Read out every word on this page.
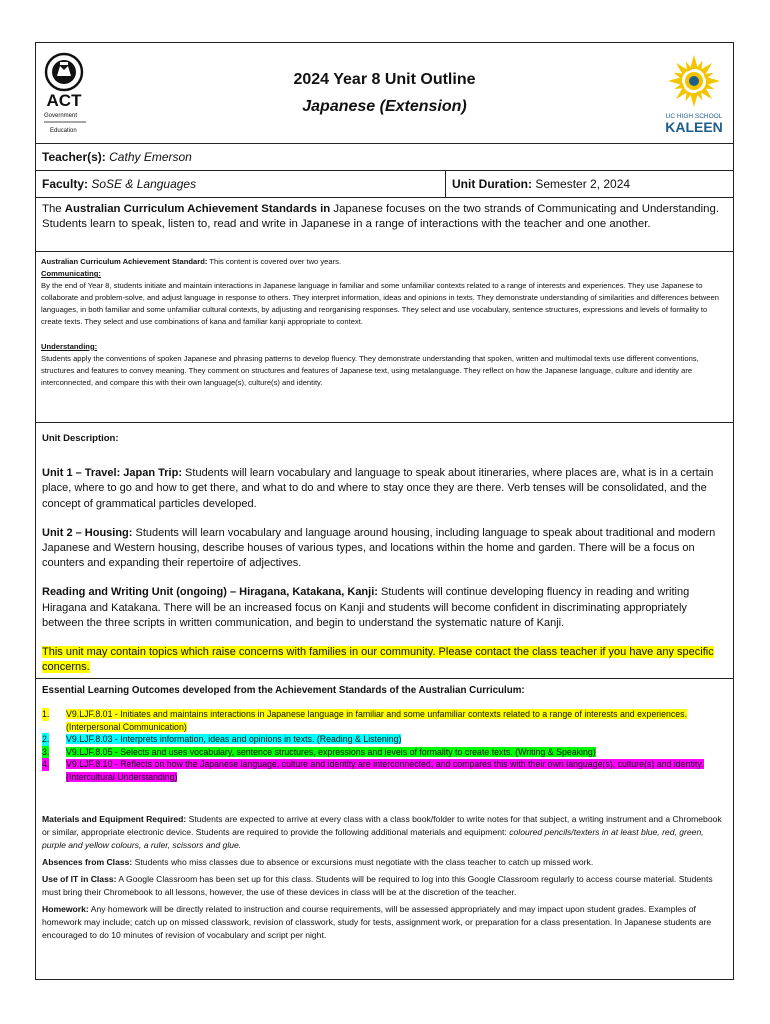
ACT
Government
Education
2024 Year 8 Unit Outline
Japanese (Extension)
UC HIGH SCHOOL
KALEEN
Teacher(s): Cathy Emerson
Faculty: SoSE & Languages	Unit Duration: Semester 2, 2024

The Australian Curriculum Achievement Standards in Japanese focuses on the two strands of Communicating and Understanding. Students learn to speak, listen to, read and write in Japanese in a range of interactions with the teacher and one another.

Australian Curriculum Achievement Standard: This content is covered over two years.

Communicating:

By the end of Year 8, students initiate and maintain interactions in Japanese language in familiar and some unfamiliar contexts related to a range of interests and experiences. They use Japanese to collaborate and problem-solve, and adjust language in response to others. They interpret information, ideas and opinions in texts. They demonstrate understanding of similarities and differences between languages, in both familiar and some unfamiliar cultural contexts, by adjusting and reorganising responses. They select and use vocabulary, sentence structures, expressions and levels of formality to create texts. They select and use combinations of kana and familiar kanji appropriate to context.

Understanding:

Students apply the conventions of spoken Japanese and phrasing patterns to develop fluency. They demonstrate understanding that spoken, written and multimodal texts use different conventions, structures and features to convey meaning. They comment on structures and features of Japanese text, using metalanguage. They reflect on how the Japanese language, culture and identity are interconnected, and compare this with their own language(s), culture(s) and identity.

Unit Description:

Unit 1 – Travel: Japan Trip: Students will learn vocabulary and language to speak about itineraries, where places are, what is in a certain place, where to go and how to get there, and what to do and where to stay once they are there. Verb tenses will be consolidated, and the concept of grammatical particles developed.

Unit 2 – Housing: Students will learn vocabulary and language around housing, including language to speak about traditional and modern Japanese and Western housing, describe houses of various types, and locations within the home and garden. There will be a focus on counters and expanding their repertoire of adjectives.

Reading and Writing Unit (ongoing) – Hiragana, Katakana, Kanji: Students will continue developing fluency in reading and writing Hiragana and Katakana. There will be an increased focus on Kanji and students will become confident in discriminating appropriately between the three scripts in written communication, and begin to understand the systematic nature of Kanji.

This unit may contain topics which raise concerns with families in our community. Please contact the class teacher if you have any specific concerns.

Essential Learning Outcomes developed from the Achievement Standards of the Australian Curriculum:

1. V9.LJF.8.01 - Initiates and maintains interactions in Japanese language in familiar and some unfamiliar contexts related to a range of interests and experiences. (Interpersonal Communication)
2. V9.LJF.8.03 - Interprets information, ideas and opinions in texts. (Reading & Listening)
3. V9.LJF.8.05 - Selects and uses vocabulary, sentence structures, expressions and levels of formality to create texts. (Writing & Speaking)
4. V9.LJF.8.10 - Reflects on how the Japanese language, culture and identity are interconnected, and compares this with their own language(s), culture(s) and identity. (Intercultural Understanding)

Materials and Equipment Required: Students are expected to arrive at every class with a class book/folder to write notes for that subject, a writing instrument and a Chromebook or similar, appropriate electronic device. Students are required to provide the following additional materials and equipment: coloured pencils/texters in at least blue, red, green, purple and yellow colours, a ruler, scissors and glue.

Absences from Class: Students who miss classes due to absence or excursions must negotiate with the class teacher to catch up missed work.

Use of IT in Class: A Google Classroom has been set up for this class. Students will be required to log into this Google Classroom regularly to access course material. Students must bring their Chromebook to all lessons, however, the use of these devices in class will be at the discretion of the teacher.

Homework: Any homework will be directly related to instruction and course requirements, will be assessed appropriately and may impact upon student grades. Examples of homework may include; catch up on missed classwork, revision of classwork, study for tests, assignment work, or preparation for a class presentation. In Japanese students are encouraged to do 10 minutes of revision of vocabulary and script per night.
